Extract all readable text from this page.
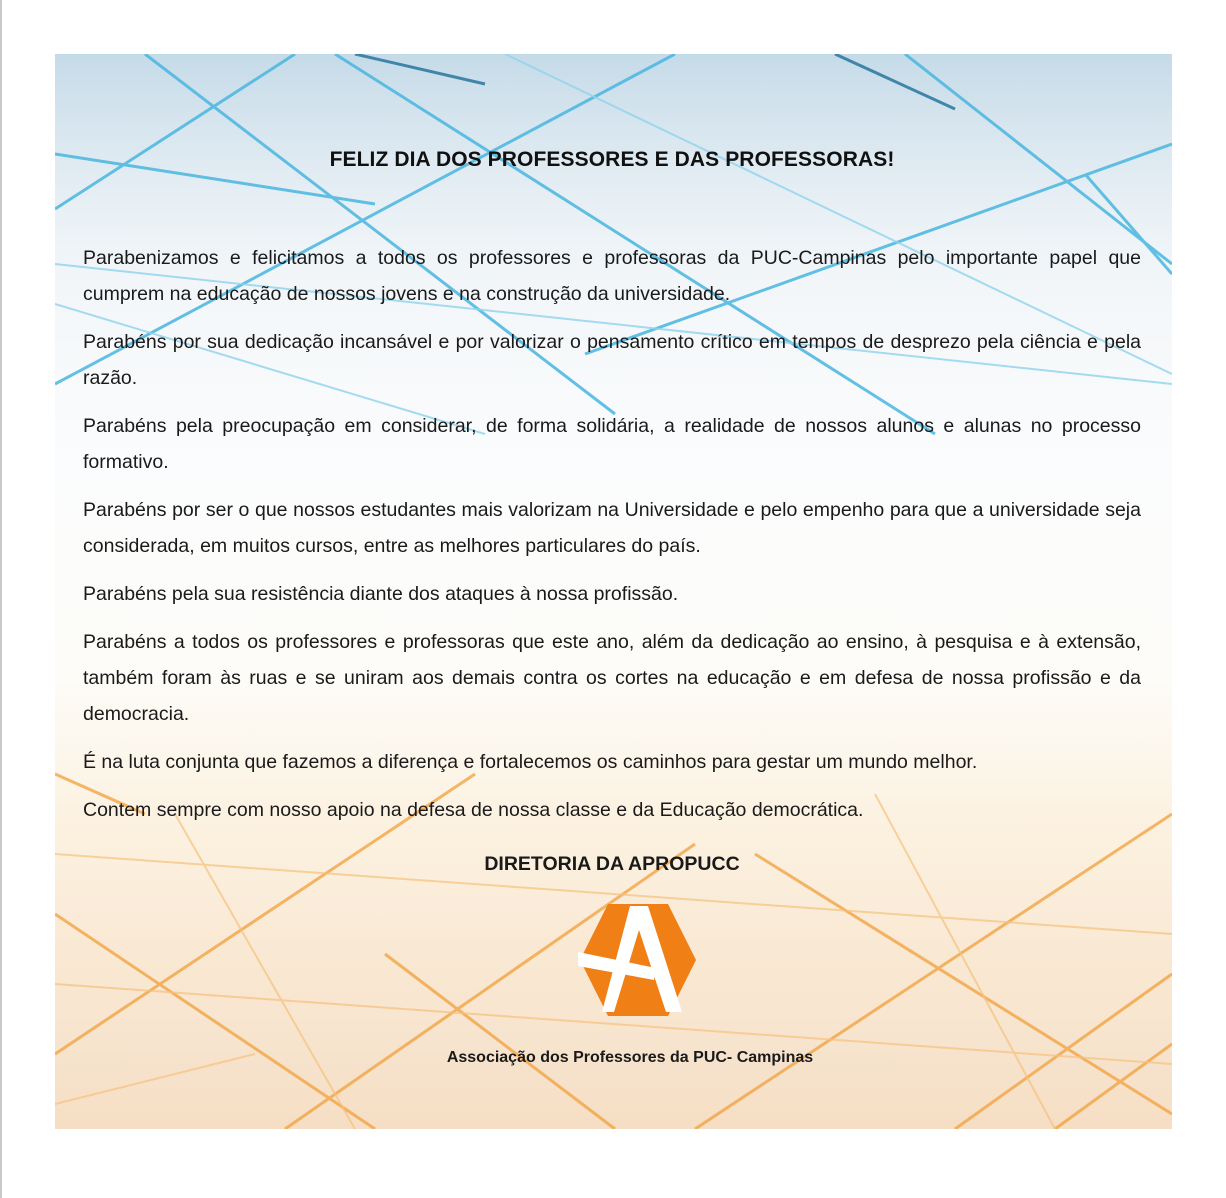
FELIZ DIA DOS PROFESSORES E DAS PROFESSORAS!

Parabenizamos e felicitamos a todos os professores e professoras da PUC-Campinas pelo importante papel que cumprem na educação de nossos jovens e na construção da universidade.

Parabéns por sua dedicação incansável e por valorizar o pensamento crítico em tempos de desprezo pela ciência e pela razão.

Parabéns pela preocupação em considerar, de forma solidária, a realidade de nossos alunos e alunas no processo formativo.

Parabéns por ser o que nossos estudantes mais valorizam na Universidade e pelo empenho para que a universidade seja considerada, em muitos cursos, entre as melhores particulares do país.

Parabéns pela sua resistência diante dos ataques à nossa profissão.

Parabéns a todos os professores e professoras que este ano, além da dedicação ao ensino, à pesquisa e à extensão, também foram às ruas e se uniram aos demais contra os cortes na educação e em defesa de nossa profissão e da democracia.

É na luta conjunta que fazemos a diferença e fortalecemos os caminhos para gestar um mundo melhor.

Contem sempre com nosso apoio na defesa de nossa classe e da Educação democrática.

DIRETORIA DA APROPUCC
Associação dos Professores da PUC- Campinas
